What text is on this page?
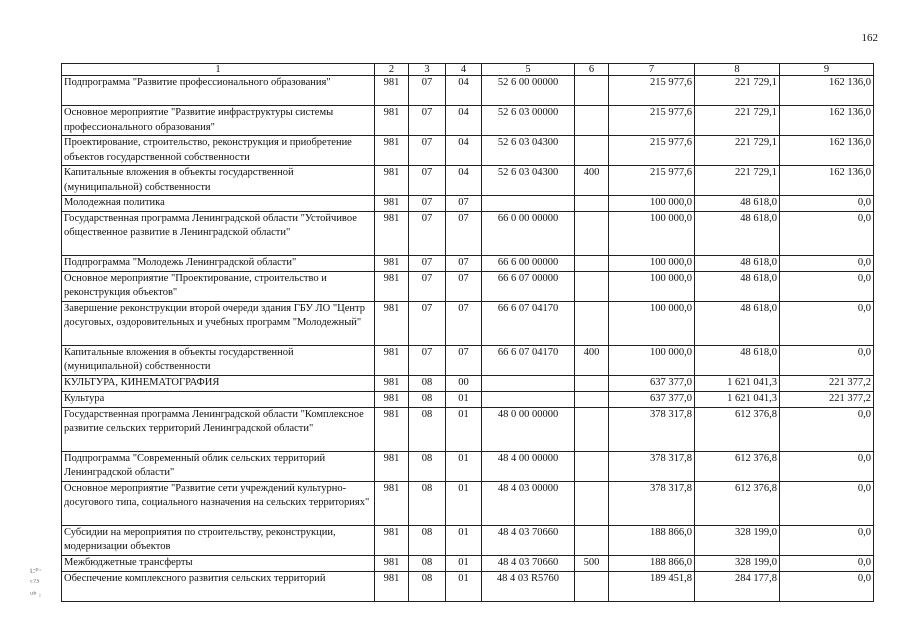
162
1	2	3	4	5	6	7	8	9
Подпрограмма "Развитие профессионального образования"	981	07	04	52 6 00 00000		215 977,6	221 729,1	162 136,0
Основное мероприятие "Развитие инфраструктуры системы профессионального образования"	981	07	04	52 6 03 00000		215 977,6	221 729,1	162 136,0
Проектирование, строительство, реконструкция и приобретение объектов государственной собственности	981	07	04	52 6 03 04300		215 977,6	221 729,1	162 136,0
Капитальные вложения в объекты государственной (муниципальной) собственности	981	07	04	52 6 03 04300	400	215 977,6	221 729,1	162 136,0
Молодежная политика	981	07	07			100 000,0	48 618,0	0,0
Государственная программа Ленинградской области "Устойчивое общественное развитие в Ленинградской области"	981	07	07	66 0 00 00000		100 000,0	48 618,0	0,0
Подпрограмма "Молодежь Ленинградской области"	981	07	07	66 6 00 00000		100 000,0	48 618,0	0,0
Основное мероприятие "Проектирование, строительство и реконструкция объектов"	981	07	07	66 6 07 00000		100 000,0	48 618,0	0,0
Завершение реконструкции второй очереди здания ГБУ ЛО "Центр досуговых, оздоровительных и учебных программ "Молодежный"	981	07	07	66 6 07 04170		100 000,0	48 618,0	0,0
Капитальные вложения в объекты государственной (муниципальной) собственности	981	07	07	66 6 07 04170	400	100 000,0	48 618,0	0,0
КУЛЬТУРА, КИНЕМАТОГРАФИЯ	981	08	00			637 377,0	1 621 041,3	221 377,2
Культура	981	08	01			637 377,0	1 621 041,3	221 377,2
Государственная программа Ленинградской области "Комплексное развитие сельских территорий Ленинградской области"	981	08	01	48 0 00 00000		378 317,8	612 376,8	0,0
Подпрограмма "Современный облик сельских территорий Ленинградской области"	981	08	01	48 4 00 00000		378 317,8	612 376,8	0,0
Основное мероприятие "Развитие сети учреждений культурно-досугового типа, социального назначения на сельских территориях"	981	08	01	48 4 03 00000		378 317,8	612 376,8	0,0
Субсидии на мероприятия по строительству, реконструкции, модернизации объектов	981	08	01	48 4 03 70660		188 866,0	328 199,0	0,0
Межбюджетные трансферты	981	08	01	48 4 03 70660	500	188 866,0	328 199,0	0,0
Обеспечение комплексного развития сельских территорий	981	08	01	48 4 03 R5760		189 451,8	284 177,8	0,0
ι:ᵖ·
ᶜ⁷³
ᵘᵇ ᵢ
